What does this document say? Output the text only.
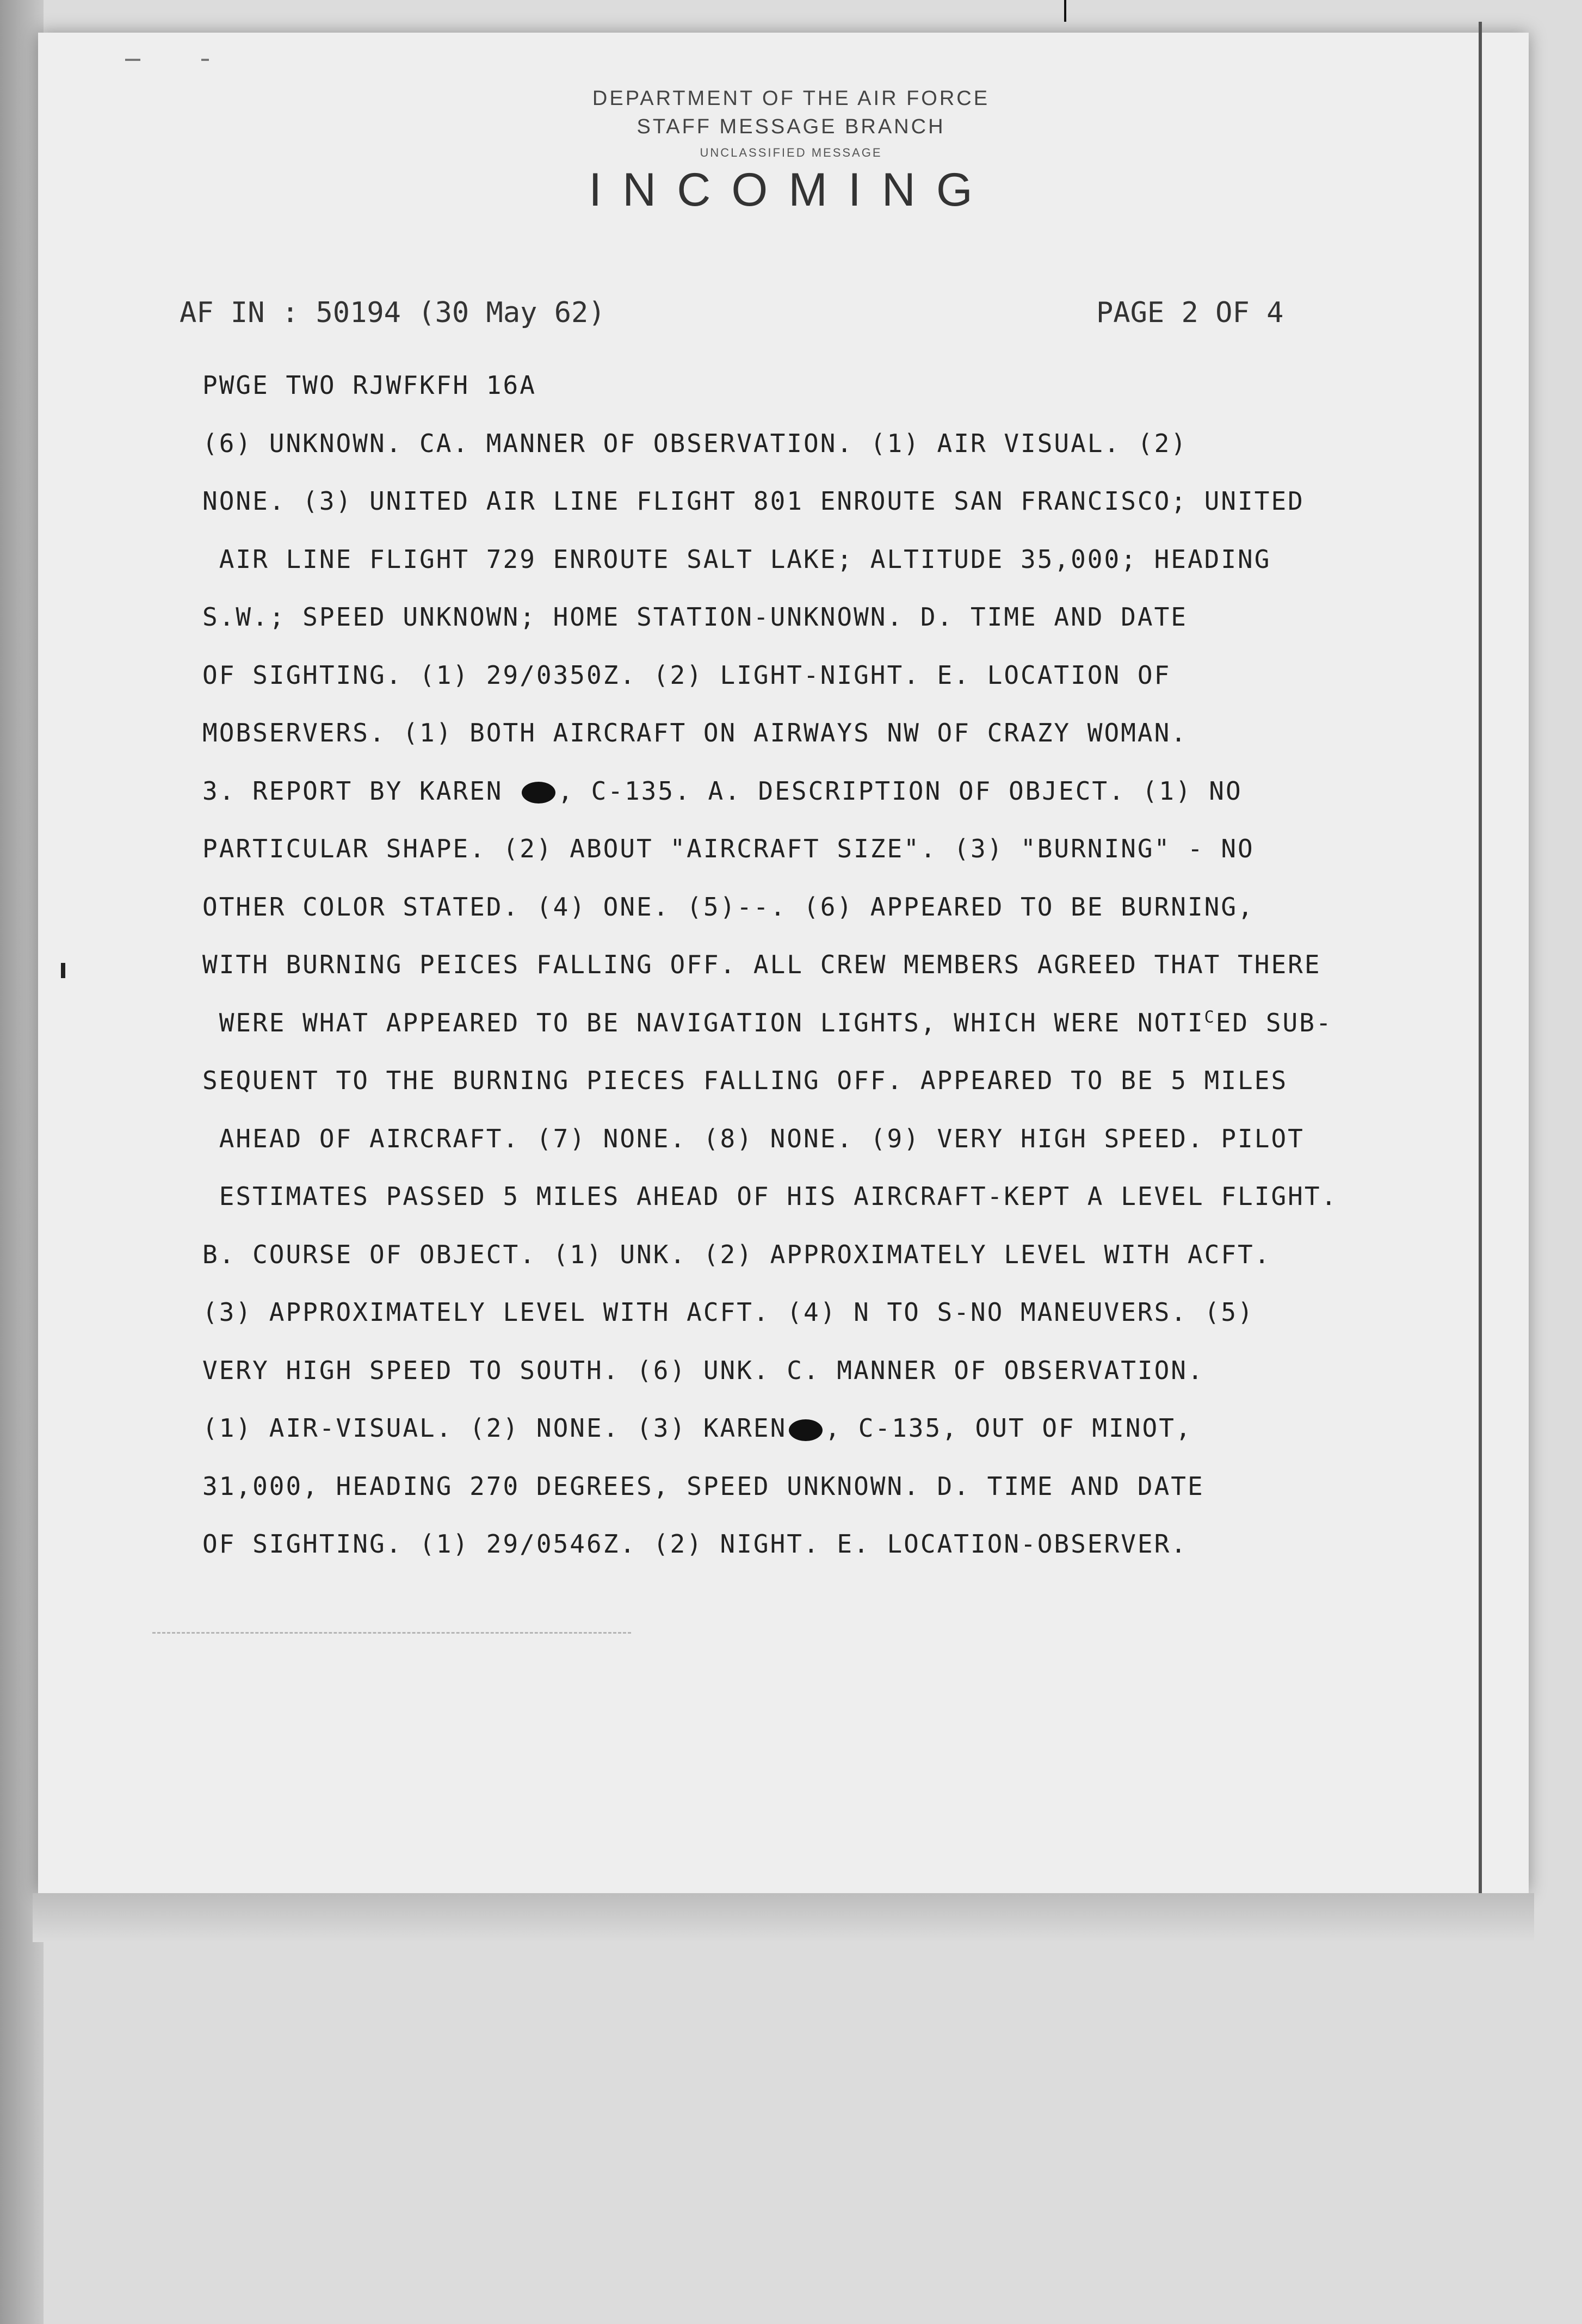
DEPARTMENT OF THE AIR FORCE
STAFF MESSAGE BRANCH
UNCLASSIFIED MESSAGE
INCOMING
AF IN : 50194 (30 May 62)	PAGE 2 OF 4
PWGE TWO RJWFKFH 16A
(6) UNKNOWN. CA. MANNER OF OBSERVATION. (1) AIR VISUAL. (2)
NONE. (3) UNITED AIR LINE FLIGHT 801 ENROUTE SAN FRANCISCO; UNITED
AIR LINE FLIGHT 729 ENROUTE SALT LAKE; ALTITUDE 35,000; HEADING
S.W.; SPEED UNKNOWN; HOME STATION-UNKNOWN. D. TIME AND DATE
OF SIGHTING. (1) 29/0350Z. (2) LIGHT-NIGHT. E. LOCATION OF
MOBSERVERS. (1) BOTH AIRCRAFT ON AIRWAYS NW OF CRAZY WOMAN.
3. REPORT BY KAREN , C-135. A. DESCRIPTION OF OBJECT. (1) NO
PARTICULAR SHAPE. (2) ABOUT "AIRCRAFT SIZE". (3) "BURNING" - NO
OTHER COLOR STATED. (4) ONE. (5)--. (6) APPEARED TO BE BURNING,
WITH BURNING PEICES FALLING OFF. ALL CREW MEMBERS AGREED THAT THERE
WERE WHAT APPEARED TO BE NAVIGATION LIGHTS, WHICH WERE $NOTI^CED$ SUB-
SEQUENT TO THE BURNING PIECES FALLING OFF. APPEARED TO BE 5 MILES
AHEAD OF AIRCRAFT. (7) NONE. (8) NONE. (9) VERY HIGH SPEED. PILOT
ESTIMATES PASSED 5 MILES AHEAD OF HIS AIRCRAFT-KEPT A LEVEL FLIGHT.
B. COURSE OF OBJECT. (1) UNK. (2) APPROXIMATELY LEVEL WITH ACFT.
(3) APPROXIMATELY LEVEL WITH ACFT. (4) N TO S-NO MANEUVERS. (5)
VERY HIGH SPEED TO SOUTH. (6) UNK. C. MANNER OF OBSERVATION.
(1) AIR-VISUAL. (2) NONE. (3) KAREN , C-135, OUT OF MINOT,
31,000, HEADING 270 DEGREES, SPEED UNKNOWN. D. TIME AND DATE
OF SIGHTING. (1) 29/0546Z. (2) NIGHT. E. LOCATION-OBSERVER.
